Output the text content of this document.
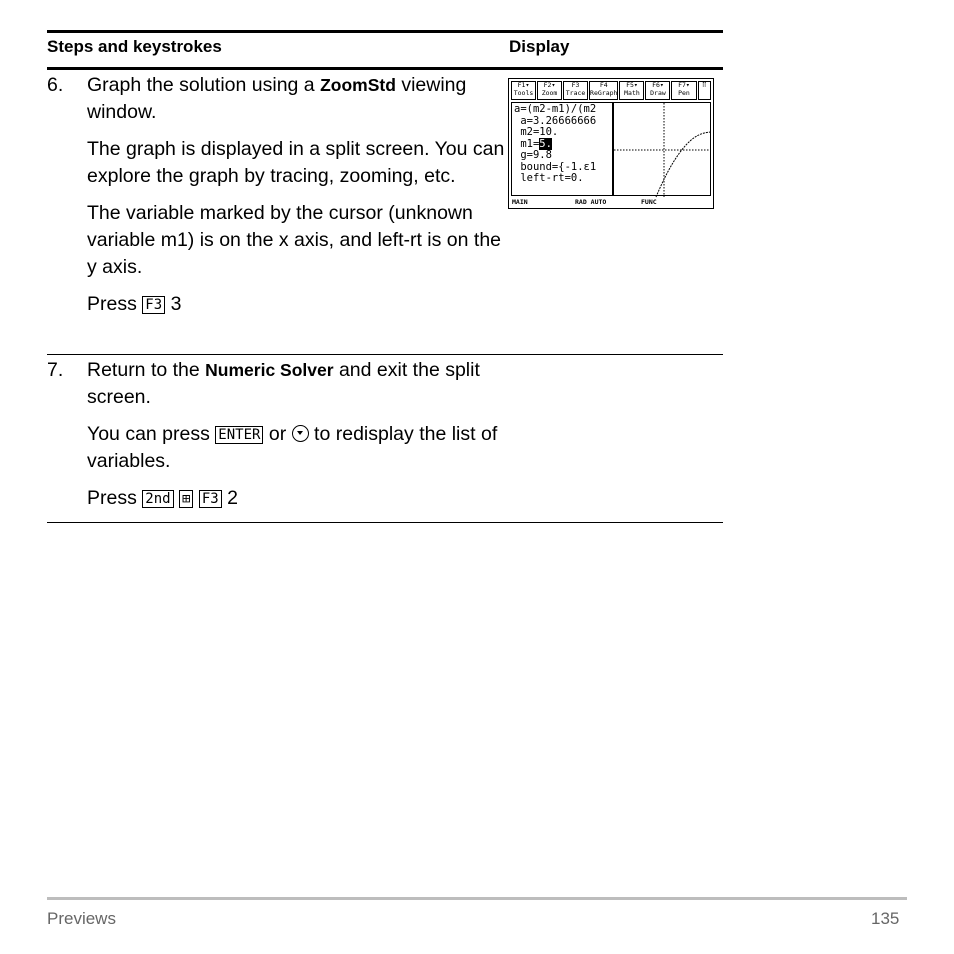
Steps and keystrokes	Display
6. Graph the solution using a ZoomStd viewing window.

The graph is displayed in a split screen. You can explore the graph by tracing, zooming, etc.

The variable marked by the cursor (unknown variable m1) is on the x axis, and left-rt is on the y axis.

Press F3 3

F1▾
Tools
F2▾
Zoom
F3
Trace
F4
ReGraph
F5▾
Math
F6▾
Draw
F7▾
Pen
⠿
a=(m2-m1)/(m2
a=3.26666666
m2=10.
m1=5.
g=9.8
bound={-1.ε1
left-rt=0.
MAIN	RAD AUTO	FUNC
7. Return to the Numeric Solver and exit the split screen.

You can press ENTER or  to redisplay the list of variables.

Press 2nd ⊞ F3 2

Previews	135
